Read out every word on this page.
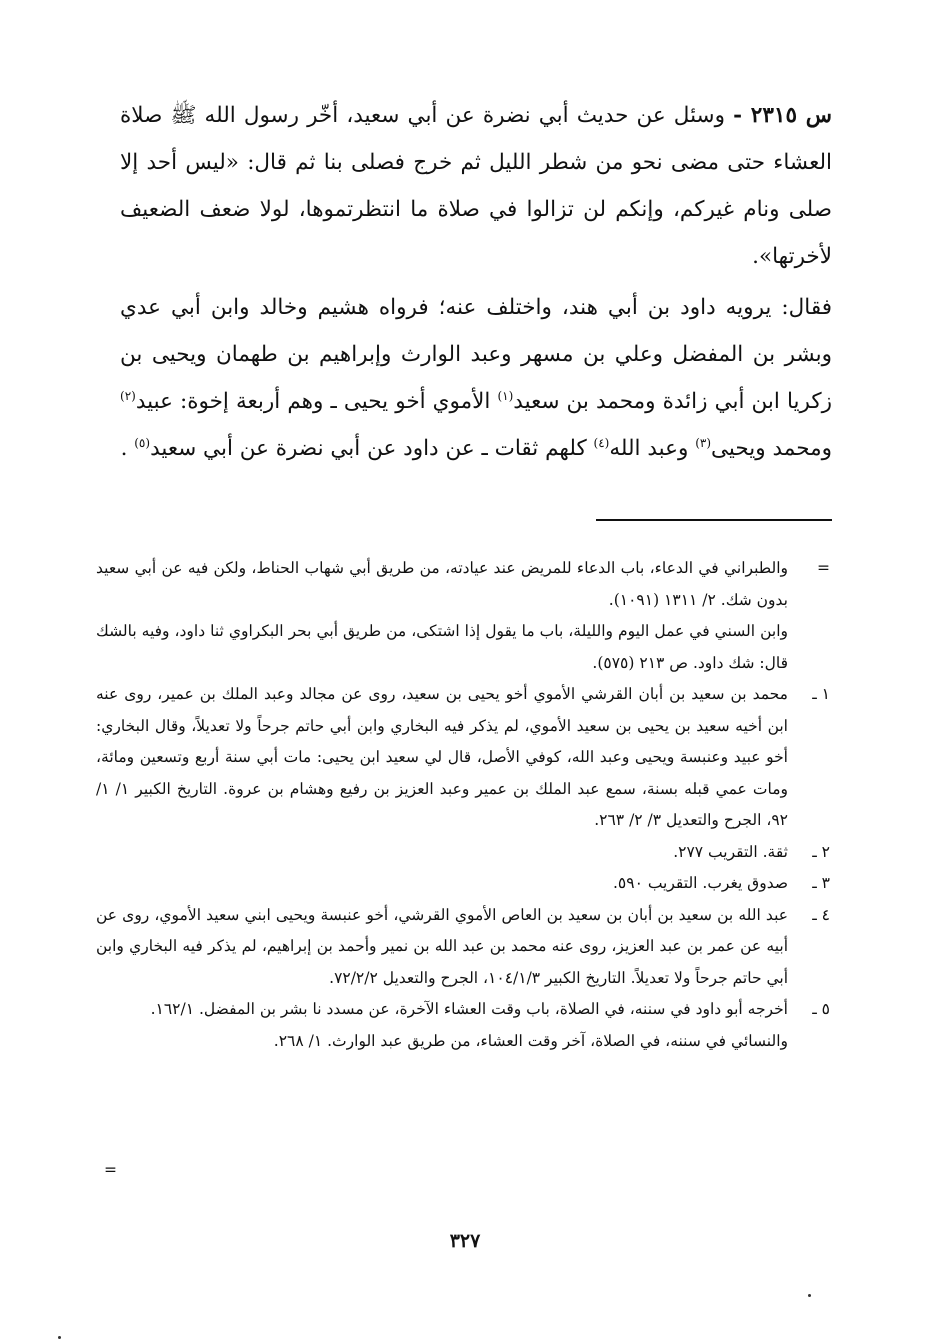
س ٢٣١٥ - وسئل عن حديث أبي نضرة عن أبي سعيد، أخّر رسول الله ﷺ صلاة العشاء حتى مضى نحو من شطر الليل ثم خرج فصلى بنا ثم قال: «ليس أحد إلا صلى ونام غيركم، وإنكم لن تزالوا في صلاة ما انتظرتموها، لولا ضعف الضعيف لأخرتها».

فقال: يرويه داود بن أبي هند، واختلف عنه؛ فرواه هشيم وخالد وابن أبي عدي وبشر بن المفضل وعلي بن مسهر وعبد الوارث وإبراهيم بن طهمان ويحيى بن زكريا ابن أبي زائدة ومحمد بن سعيد$^{(١)}$ الأموي أخو يحيى ـ وهم أربعة إخوة: عبيد$^{(٢)}$ ومحمد ويحيى$^{(٣)}$ وعبد الله$^{(٤)}$ كلهم ثقات ـ عن داود عن أبي نضرة عن أبي سعيد$^{(٥)}$ .

=
والطبراني في الدعاء، باب الدعاء للمريض عند عيادته، من طريق أبي شهاب الحناط، ولكن فيه عن أبي سعيد بدون شك. ٢/ ١٣١١ (١٠٩١).
وابن السني في عمل اليوم والليلة، باب ما يقول إذا اشتكى، من طريق أبي بحر البكراوي ثنا داود، وفيه بالشك قال: شك داود. ص ٢١٣ (٥٧٥).
١ ـ
محمد بن سعيد بن أبان القرشي الأموي أخو يحيى بن سعيد، روى عن مجالد وعبد الملك بن عمير، روى عنه ابن أخيه سعيد بن يحيى بن سعيد الأموي، لم يذكر فيه البخاري وابن أبي حاتم جرحاً ولا تعديلاً، وقال البخاري: أخو عبيد وعنبسة ويحيى وعبد الله، كوفي الأصل، قال لي سعيد ابن يحيى: مات أبي سنة أربع وتسعين ومائة، ومات عمي قبله بسنة، سمع عبد الملك بن عمير وعبد العزيز بن رفيع وهشام بن عروة. التاريخ الكبير ١/ ١/ ٩٢، الجرح والتعديل ٣/ ٢/ ٢٦٣.
٢ ـ
ثقة. التقريب ٢٧٧.
٣ ـ
صدوق يغرب. التقريب ٥٩٠.
٤ ـ
عبد الله بن سعيد بن أبان بن سعيد بن العاص الأموي القرشي، أخو عنبسة ويحيى ابني سعيد الأموي، روى عن أبيه عن عمر بن عبد العزيز، روى عنه محمد بن عبد الله بن نمير وأحمد بن إبراهيم، لم يذكر فيه البخاري وابن أبي حاتم جرحاً ولا تعديلاً. التاريخ الكبير ١٠٤/١/٣، الجرح والتعديل ٧٢/٢/٢.
٥ ـ
أخرجه أبو داود في سننه، في الصلاة، باب وقت العشاء الآخرة، عن مسدد نا بشر بن المفضل. ١٦٢/١.
والنسائي في سننه، في الصلاة، آخر وقت العشاء، من طريق عبد الوارث. ١/ ٢٦٨.
=
٣٢٧
